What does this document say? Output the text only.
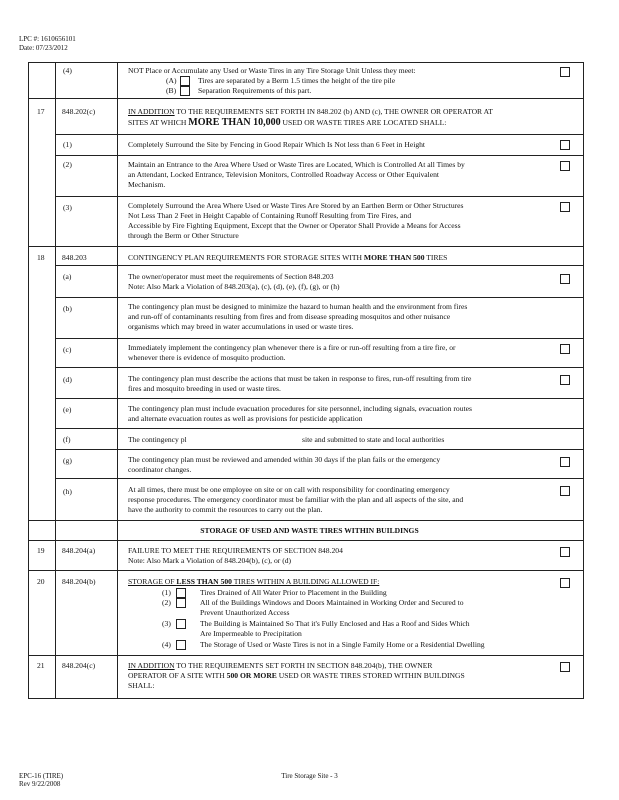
LPC #: 1610656101
Date: 07/23/2012
(4)	NOT Place or Accumulate any Used or Waste Tires in any Tire Storage Unit Unless they meet:
(A)	Tires are separated by a Berm 1.5 times the height of the tire pile
(B)	Separation Requirements of this part.
17 848.202(c)	IN ADDITION TO THE REQUIREMENTS SET FORTH IN 848.202 (b) AND (c), THE OWNER OR OPERATOR AT
SITES AT WHICH MORE THAN 10,000 USED OR WASTE TIRES ARE LOCATED SHALL:
(1)	Completely Surround the Site by Fencing in Good Repair Which Is Not less than 6 Feet in Height
(2)	Maintain an Entrance to the Area Where Used or Waste Tires are Located, Which is Controlled At all Times by
an Attendant, Locked Entrance, Television Monitors, Controlled Roadway Access or Other Equivalent
Mechanism.
(3)	Completely Surround the Area Where Used or Waste Tires Are Stored by an Earthen Berm or Other Structures
Not Less Than 2 Feet in Height Capable of Containing Runoff Resulting from Tire Fires, and
Accessible by Fire Fighting Equipment, Except that the Owner or Operator Shall Provide a Means for Access
through the Berm or Other Structure
18 848.203	CONTINGENCY PLAN REQUIREMENTS FOR STORAGE SITES WITH MORE THAN 500 TIRES
(a)	The owner/operator must meet the requirements of Section 848.203
Note: Also Mark a Violation of 848.203(a), (c), (d), (e), (f), (g), or (h)
(b)	The contingency plan must be designed to minimize the hazard to human health and the environment from fires
and run-off of contaminants resulting from fires and from disease spreading mosquitos and other nuisance
organisms which may breed in water accumulations in used or waste tires.
(c)	Immediately implement the contingency plan whenever there is a fire or run-off resulting from a tire fire, or
whenever there is evidence of mosquito production.
(d)	The contingency plan must describe the actions that must be taken in response to fires, run-off resulting from tire
fires and mosquito breeding in used or waste tires.
(e)	The contingency plan must include evacuation procedures for site personnel, including signals, evacuation routes
and alternate evacuation routes as well as provisions for pesticide application
(f)	The contingency pl	site and submitted to state and local authorities
(g)	The contingency plan must be reviewed and amended within 30 days if the plan fails or the emergency
coordinator changes.
(h)	At all times, there must be one employee on site or on call with responsibility for coordinating emergency
response procedures. The emergency coordinator must be familiar with the plan and all aspects of the site, and
have the authority to commit the resources to carry out the plan.
STORAGE OF USED AND WASTE TIRES WITHIN BUILDINGS
19 848.204(a)	FAILURE TO MEET THE REQUIREMENTS OF SECTION 848.204
Note: Also Mark a Violation of 848.204(b), (c), or (d)
20 848.204(b)	STORAGE OF LESS THAN 500 TIRES WITHIN A BUILDING ALLOWED IF:
(1)	Tires Drained of All Water Prior to Placement in the Building
(2)	All of the Buildings Windows and Doors Maintained in Working Order and Secured to
Prevent Unauthorized Access
(3)	The Building is Maintained So That it's Fully Enclosed and Has a Roof and Sides Which
Are Impermeable to Precipitation
(4)	The Storage of Used or Waste Tires is not in a Single Family Home or a Residential Dwelling
21 848.204(c)	IN ADDITION TO THE REQUIREMENTS SET FORTH IN SECTION 848.204(b), THE OWNER
OPERATOR OF A SITE WITH 500 OR MORE USED OR WASTE TIRES STORED WITHIN BUILDINGS
SHALL:
EPC-16 (TIRE)
Rev 9/22/2008
Tire Storage Site - 3
